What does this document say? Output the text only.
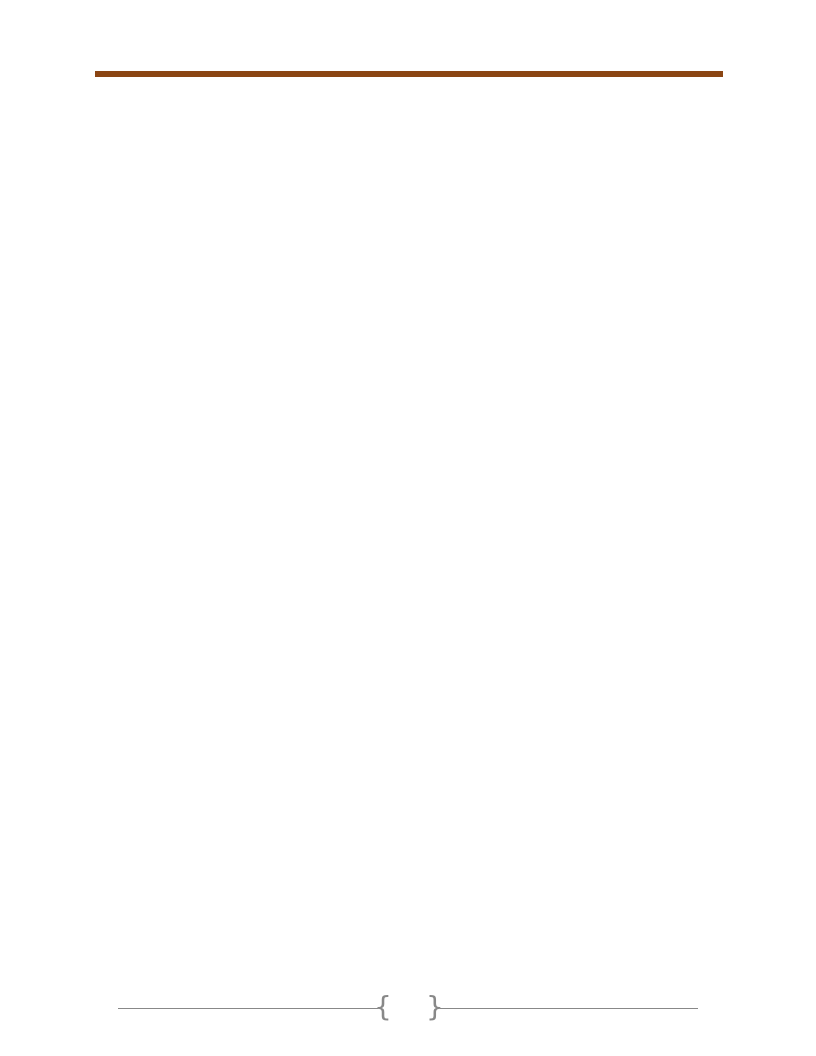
{ }
